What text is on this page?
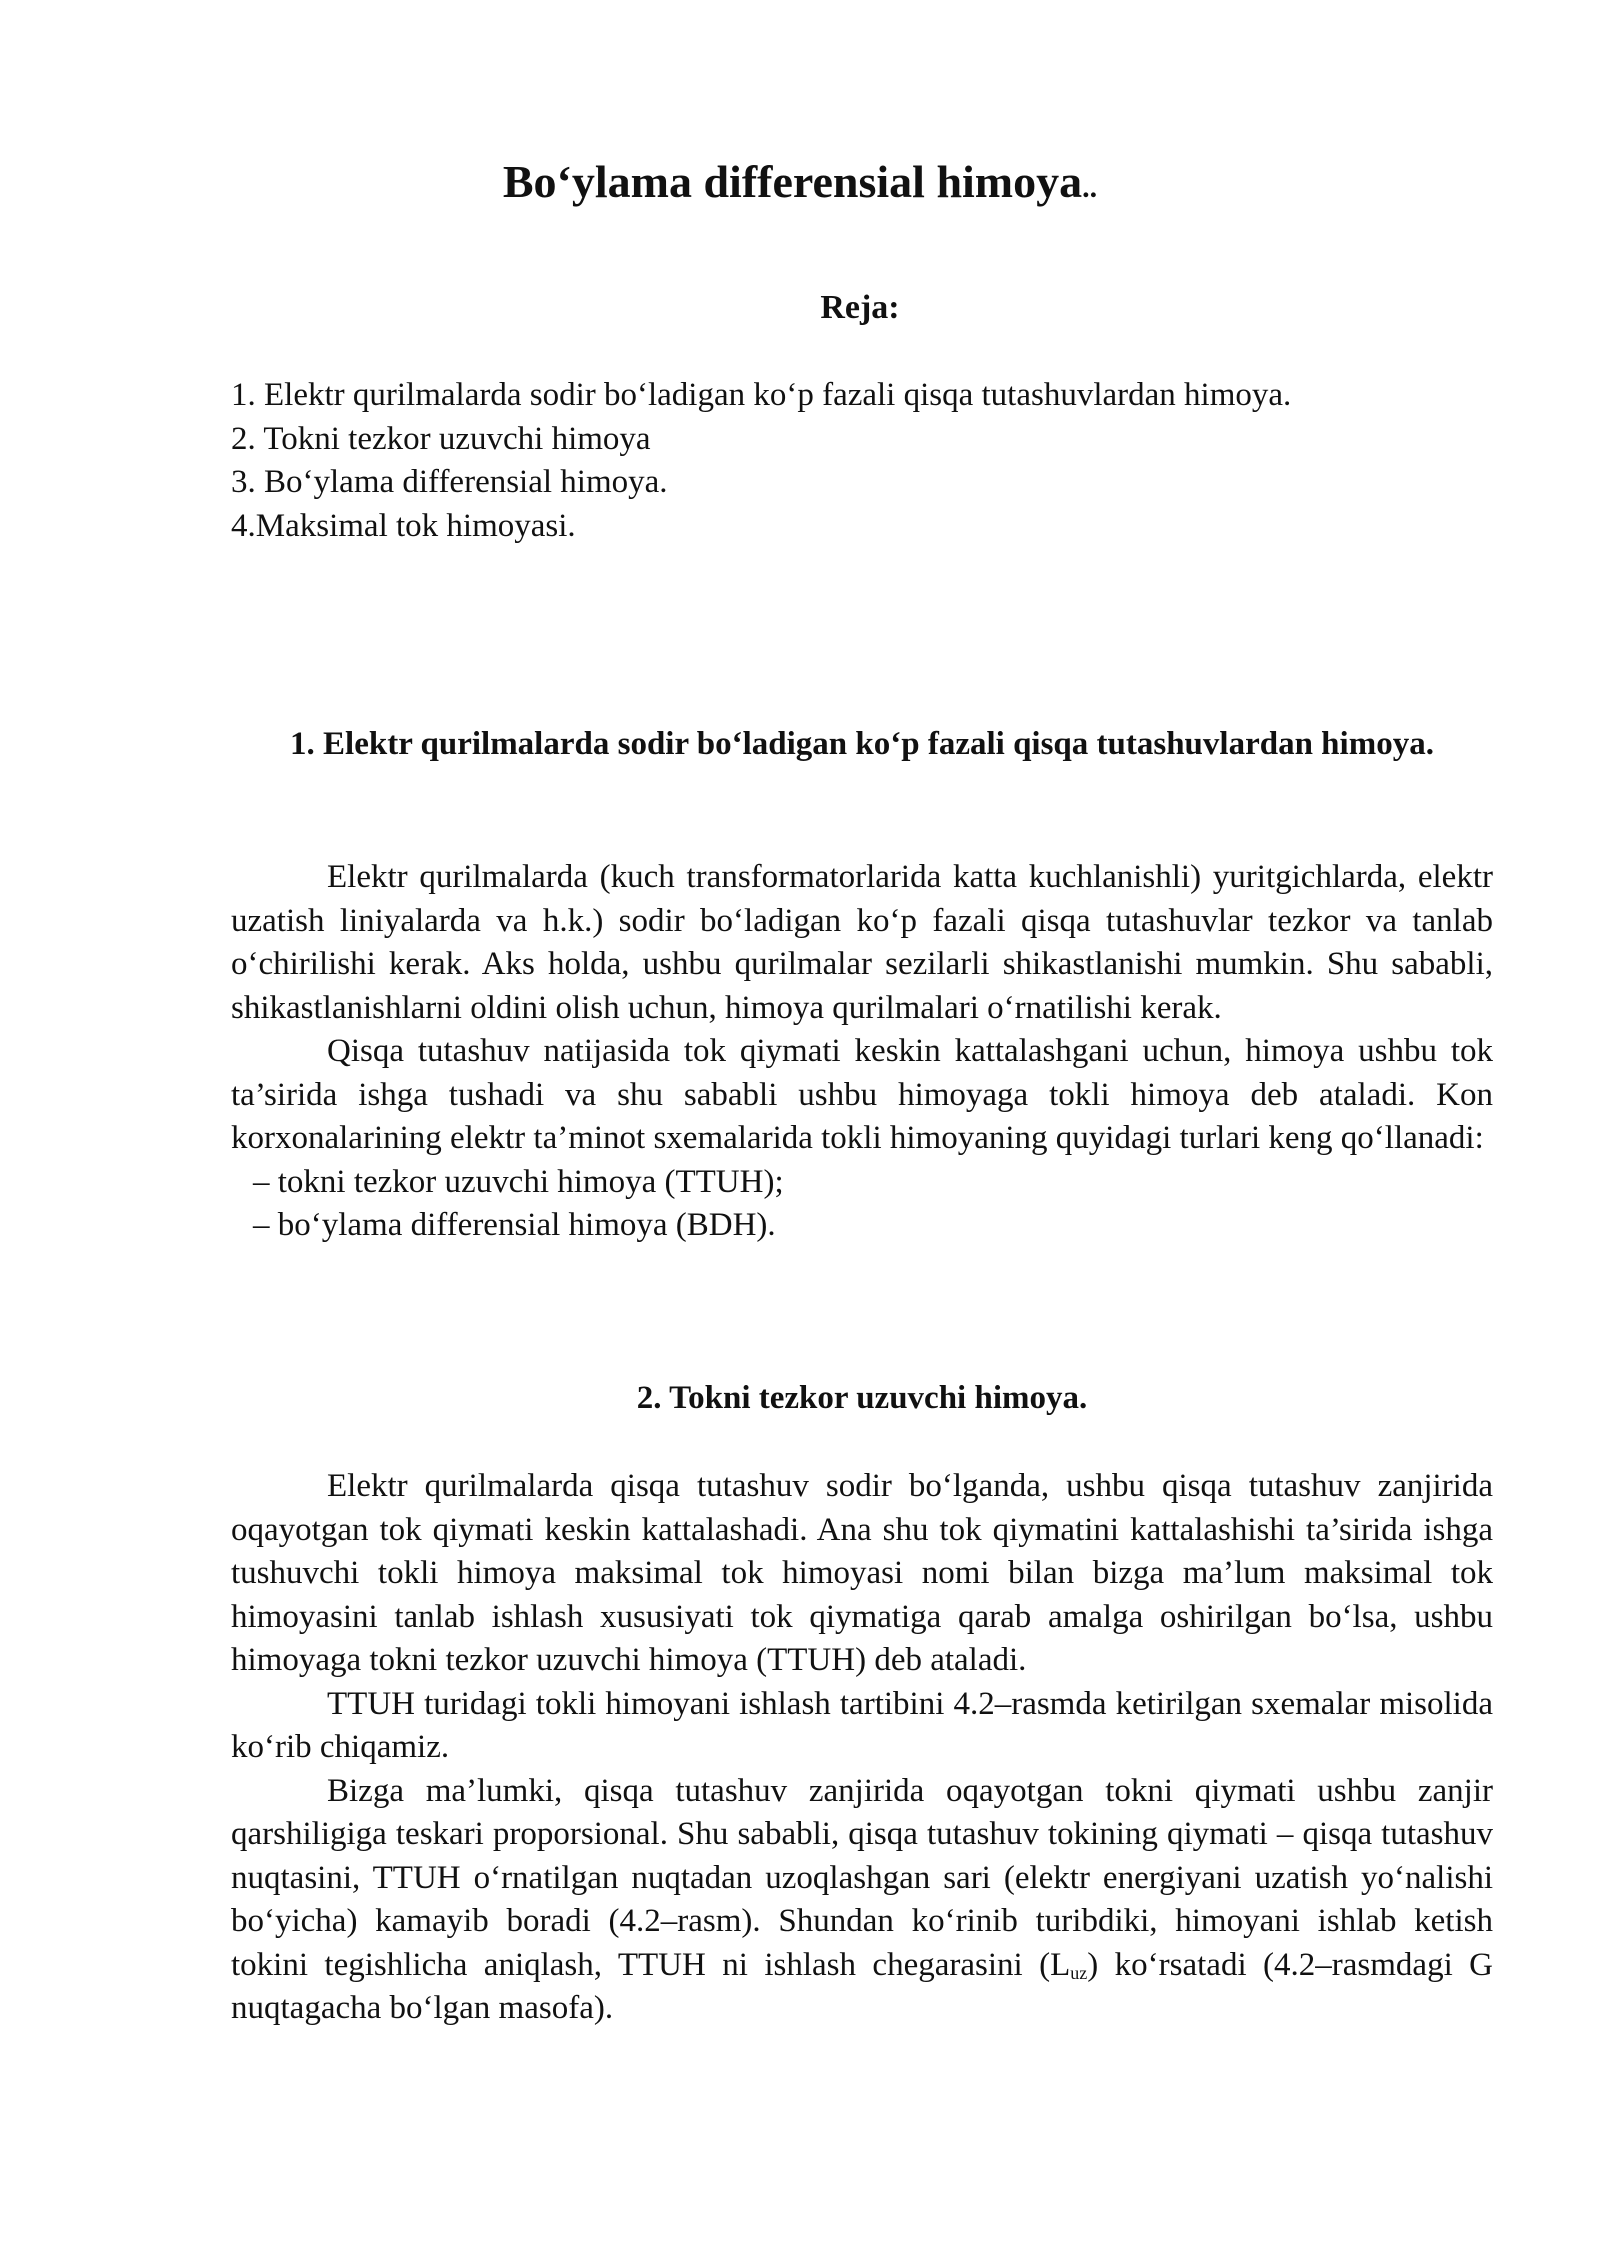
Bo‘ylama differensial himoya..
Reja:
1. Elektr qurilmalarda sodir bo‘ladigan ko‘p fazali qisqa tutashuvlardan himoya.
2. Tokni tezkor uzuvchi himoya
3. Bo‘ylama differensial himoya.
4.Maksimal tok himoyasi.
1. Elektr qurilmalarda sodir bo‘ladigan ko‘p fazali qisqa tutashuvlardan himoya.

Elektr qurilmalarda (kuch transformatorlarida katta kuchlanishli) yuritgichlarda, elektr uzatish liniyalarda va h.k.) sodir bo‘ladigan ko‘p fazali qisqa tutashuvlar tezkor va tanlab o‘chirilishi kerak. Aks holda, ushbu qurilmalar sezilarli shikastlanishi mumkin. Shu sababli, shikastlanishlarni oldini olish uchun, himoya qurilmalari o‘rnatilishi kerak.

Qisqa tutashuv natijasida tok qiymati keskin kattalashgani uchun, himoya ushbu tok ta’sirida ishga tushadi va shu sababli ushbu himoyaga tokli himoya deb ataladi. Kon korxonalarining elektr ta’minot sxemalarida tokli himoyaning quyidagi turlari keng qo‘llanadi:

– tokni tezkor uzuvchi himoya (TTUH);

– bo‘ylama differensial himoya (BDH).

2. Tokni tezkor uzuvchi himoya.

Elektr qurilmalarda qisqa tutashuv sodir bo‘lganda, ushbu qisqa tutashuv zanjirida oqayotgan tok qiymati keskin kattalashadi. Ana shu tok qiymatini kattalashishi ta’sirida ishga tushuvchi tokli himoya maksimal tok himoyasi nomi bilan bizga ma’lum maksimal tok himoyasini tanlab ishlash xususiyati tok qiymatiga qarab amalga oshirilgan bo‘lsa, ushbu himoyaga tokni tezkor uzuvchi himoya (TTUH) deb ataladi.

TTUH turidagi tokli himoyani ishlash tartibini 4.2–rasmda ketirilgan sxemalar misolida ko‘rib chiqamiz.

Bizga ma’lumki, qisqa tutashuv zanjirida oqayotgan tokni qiymati ushbu zanjir qarshiligiga teskari proporsional. Shu sababli, qisqa tutashuv tokining qiymati – qisqa tutashuv nuqtasini, TTUH o‘rnatilgan nuqtadan uzoqlashgan sari (elektr energiyani uzatish yo‘nalishi bo‘yicha) kamayib boradi (4.2–rasm). Shundan ko‘rinib turibdiki, himoyani ishlab ketish tokini tegishlicha aniqlash, TTUH ni ishlash chegarasini $(L_{uz})$ ko‘rsatadi (4.2–rasmdagi G nuqtagacha bo‘lgan masofa).
